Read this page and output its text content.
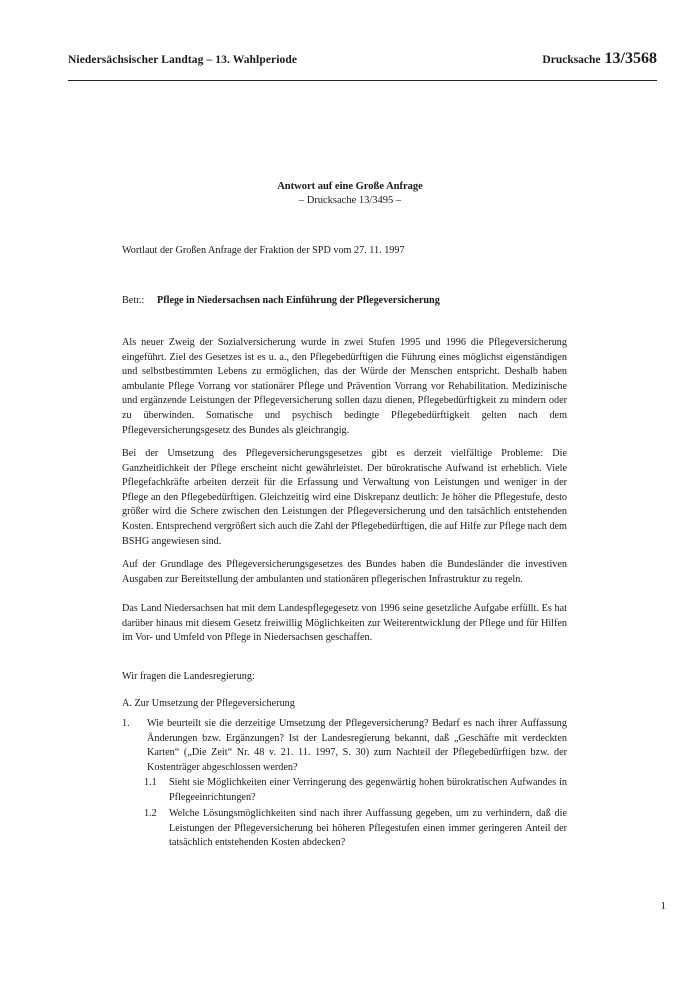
Niedersächsischer Landtag – 13. Wahlperiode	Drucksache 13/3568
Antwort auf eine Große Anfrage
– Drucksache 13/3495 –

Wortlaut der Großen Anfrage der Fraktion der SPD vom 27. 11. 1997

Betr.: Pflege in Niedersachsen nach Einführung der Pflegeversicherung

Als neuer Zweig der Sozialversicherung wurde in zwei Stufen 1995 und 1996 die Pflegeversicherung eingeführt. Ziel des Gesetzes ist es u. a., den Pflegebedürftigen die Führung eines möglichst eigenständigen und selbstbestimmten Lebens zu ermöglichen, das der Würde der Menschen entspricht. Deshalb haben ambulante Pflege Vorrang vor stationärer Pflege und Prävention Vorrang vor Rehabilitation. Medizinische und ergänzende Leistungen der Pflegeversicherung sollen dazu dienen, Pflegebedürftigkeit zu mindern oder zu überwinden. Somatische und psychisch bedingte Pflegebedürftigkeit gelten nach dem Pflegeversicherungsgesetz des Bundes als gleichrangig.

Bei der Umsetzung des Pflegeversicherungsgesetzes gibt es derzeit vielfältige Probleme: Die Ganzheitlichkeit der Pflege erscheint nicht gewährleistet. Der bürokratische Aufwand ist erheblich. Viele Pflegefachkräfte arbeiten derzeit für die Erfassung und Verwaltung von Leistungen und weniger in der Pflege an den Pflegebedürftigen. Gleichzeitig wird eine Diskrepanz deutlich: Je höher die Pflegestufe, desto größer wird die Schere zwischen den Leistungen der Pflegeversicherung und den tatsächlich entstehenden Kosten. Entsprechend vergrößert sich auch die Zahl der Pflegebedürftigen, die auf Hilfe zur Pflege nach dem BSHG angewiesen sind.

Auf der Grundlage des Pflegeversicherungsgesetzes des Bundes haben die Bundesländer die investiven Ausgaben zur Bereitstellung der ambulanten und stationären pflegerischen Infrastruktur zu regeln.

Das Land Niedersachsen hat mit dem Landespflegegesetz von 1996 seine gesetzliche Aufgabe erfüllt. Es hat darüber hinaus mit diesem Gesetz freiwillig Möglichkeiten zur Weiterentwicklung der Pflege und für Hilfen im Vor- und Umfeld von Pflege in Niedersachsen geschaffen.

Wir fragen die Landesregierung:

A. Zur Umsetzung der Pflegeversicherung

1.	Wie beurteilt sie die derzeitige Umsetzung der Pflegeversicherung? Bedarf es nach ihrer Auffassung Änderungen bzw. Ergänzungen? Ist der Landesregierung bekannt, daß „Geschäfte mit verdeckten Karten“ („Die Zeit“ Nr. 48 v. 21. 11. 1997, S. 30) zum Nachteil der Pflegebedürftigen bzw. der Kostenträger abgeschlossen werden?
1.1	Sieht sie Möglichkeiten einer Verringerung des gegenwärtig hohen bürokratischen Aufwandes in Pflegeeinrichtungen?
1.2	Welche Lösungsmöglichkeiten sind nach ihrer Auffassung gegeben, um zu verhindern, daß die Leistungen der Pflegeversicherung bei höheren Pflegestufen einen immer geringeren Anteil der tatsächlich entstehenden Kosten abdecken?
1
